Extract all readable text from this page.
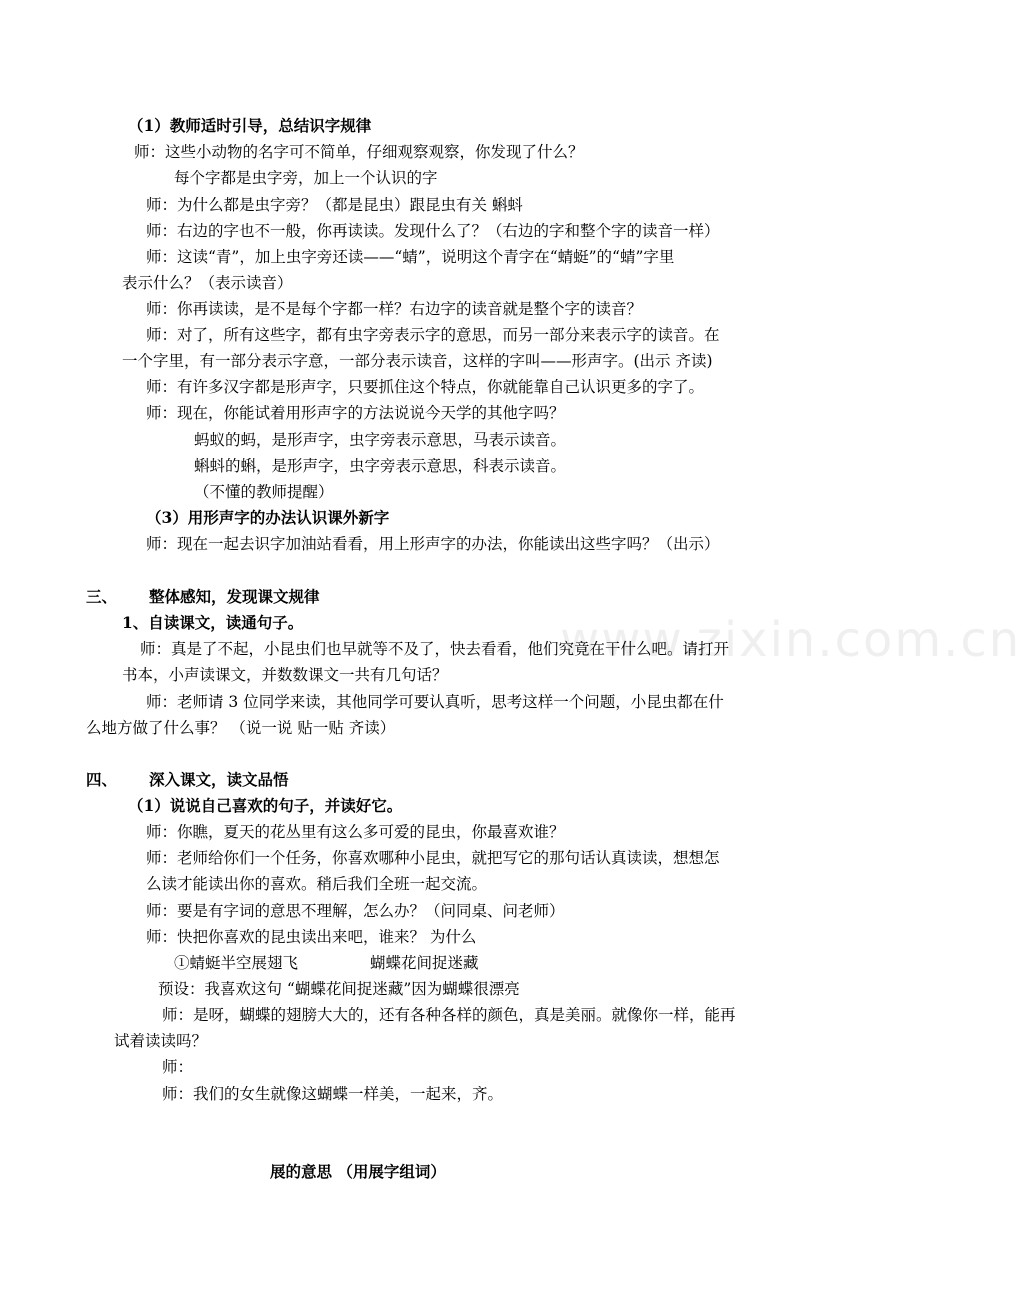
www.zixin.com.cn
（1）教师适时引导，总结识字规律
师：这些小动物的名字可不简单，仔细观察观察，你发现了什么？
每个字都是虫字旁，加上一个认识的字
师：为什么都是虫字旁？（都是昆虫）跟昆虫有关 蝌蚪
师：右边的字也不一般，你再读读。发现什么了？（右边的字和整个字的读音一样）
师：这读“青”，加上虫字旁还读——“蜻”，说明这个青字在“蜻蜓”的“蜻”字里
表示什么？（表示读音）
师：你再读读，是不是每个字都一样？右边字的读音就是整个字的读音？
师：对了，所有这些字，都有虫字旁表示字的意思，而另一部分来表示字的读音。在
一个字里，有一部分表示字意，一部分表示读音，这样的字叫——形声字。(出示 齐读)
师：有许多汉字都是形声字，只要抓住这个特点，你就能靠自己认识更多的字了。
师：现在，你能试着用形声字的方法说说今天学的其他字吗？
蚂蚁的蚂，是形声字，虫字旁表示意思，马表示读音。
蝌蚪的蝌，是形声字，虫字旁表示意思，科表示读音。
（不懂的教师提醒）
（3）用形声字的办法认识课外新字
师：现在一起去识字加油站看看，用上形声字的办法，你能读出这些字吗？（出示）
三、 整体感知，发现课文规律
1、自读课文，读通句子。
师：真是了不起，小昆虫们也早就等不及了，快去看看，他们究竟在干什么吧。请打开
书本，小声读课文，并数数课文一共有几句话？
师：老师请 3 位同学来读，其他同学可要认真听，思考这样一个问题，小昆虫都在什
么地方做了什么事？ （说一说 贴一贴 齐读）
四、 深入课文，读文品悟
（1）说说自己喜欢的句子，并读好它。
师：你瞧，夏天的花丛里有这么多可爱的昆虫，你最喜欢谁？
师：老师给你们一个任务，你喜欢哪种小昆虫，就把写它的那句话认真读读，想想怎
么读才能读出你的喜欢。稍后我们全班一起交流。
师：要是有字词的意思不理解，怎么办？（问同桌、问老师）
师：快把你喜欢的昆虫读出来吧，谁来？ 为什么
①蜻蜓半空展翅飞	蝴蝶花间捉迷藏
预设：我喜欢这句 “蝴蝶花间捉迷藏”因为蝴蝶很漂亮
师：是呀，蝴蝶的翅膀大大的，还有各种各样的颜色，真是美丽。就像你一样，能再
试着读读吗？
师：
师：我们的女生就像这蝴蝶一样美，一起来，齐。
展的意思 （用展字组词）
